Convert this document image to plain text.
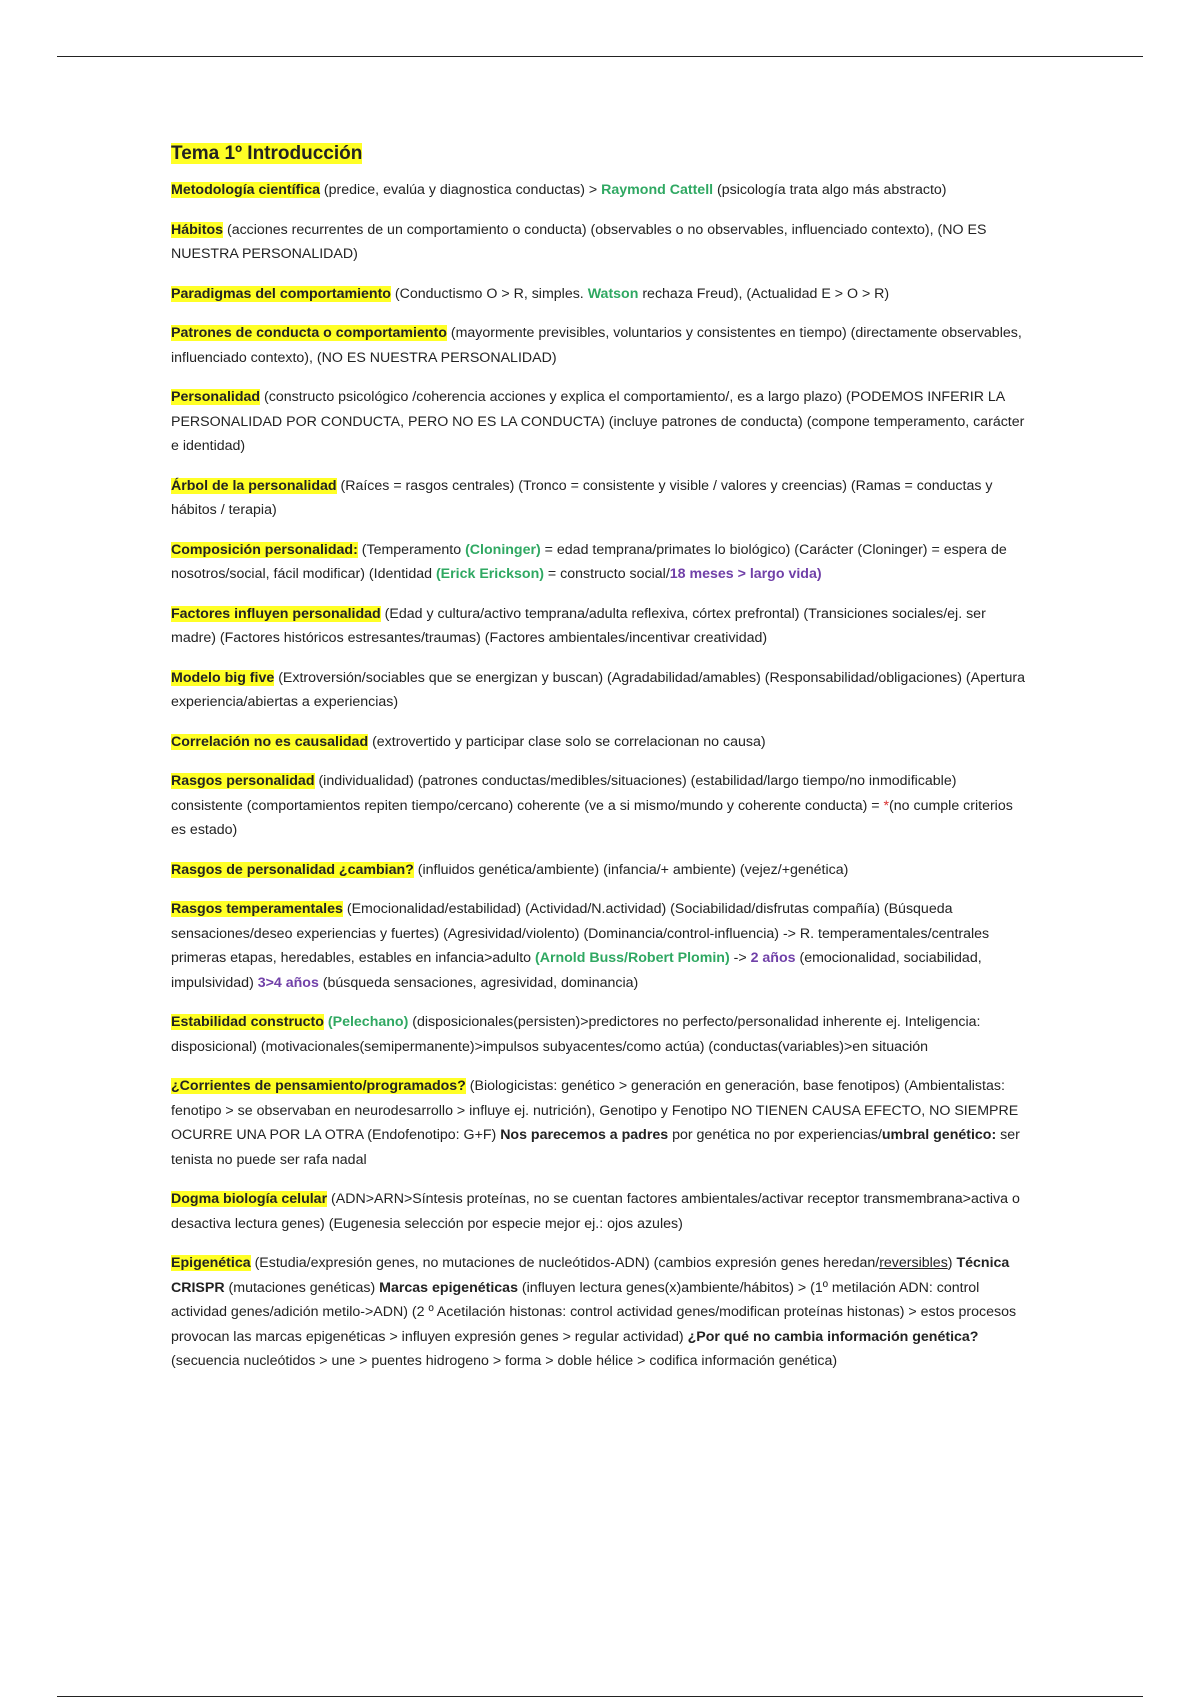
Tema 1º Introducción

Metodología científica (predice, evalúa y diagnostica conductas) > Raymond Cattell (psicología trata algo más abstracto)

Hábitos (acciones recurrentes de un comportamiento o conducta) (observables o no observables, influenciado contexto), (NO ES NUESTRA PERSONALIDAD)

Paradigmas del comportamiento (Conductismo O > R, simples. Watson rechaza Freud), (Actualidad E > O > R)

Patrones de conducta o comportamiento (mayormente previsibles, voluntarios y consistentes en tiempo) (directamente observables, influenciado contexto), (NO ES NUESTRA PERSONALIDAD)

Personalidad (constructo psicológico /coherencia acciones y explica el comportamiento/, es a largo plazo) (PODEMOS INFERIR LA PERSONALIDAD POR CONDUCTA, PERO NO ES LA CONDUCTA) (incluye patrones de conducta) (compone temperamento, carácter e identidad)

Árbol de la personalidad (Raíces = rasgos centrales) (Tronco = consistente y visible / valores y creencias) (Ramas = conductas y hábitos / terapia)

Composición personalidad: (Temperamento (Cloninger) = edad temprana/primates lo biológico) (Carácter (Cloninger) = espera de nosotros/social, fácil modificar) (Identidad (Erick Erickson) = constructo social/18 meses > largo vida)

Factores influyen personalidad (Edad y cultura/activo temprana/adulta reflexiva, córtex prefrontal) (Transiciones sociales/ej. ser madre) (Factores históricos estresantes/traumas) (Factores ambientales/incentivar creatividad)

Modelo big five (Extroversión/sociables que se energizan y buscan) (Agradabilidad/amables) (Responsabilidad/obligaciones) (Apertura experiencia/abiertas a experiencias)

Correlación no es causalidad (extrovertido y participar clase solo se correlacionan no causa)

Rasgos personalidad (individualidad) (patrones conductas/medibles/situaciones) (estabilidad/largo tiempo/no inmodificable) consistente (comportamientos repiten tiempo/cercano) coherente (ve a si mismo/mundo y coherente conducta) = *(no cumple criterios es estado)

Rasgos de personalidad ¿cambian? (influidos genética/ambiente) (infancia/+ ambiente) (vejez/+genética)

Rasgos temperamentales (Emocionalidad/estabilidad) (Actividad/N.actividad) (Sociabilidad/disfrutas compañía) (Búsqueda sensaciones/deseo experiencias y fuertes) (Agresividad/violento) (Dominancia/control-influencia) -> R. temperamentales/centrales primeras etapas, heredables, estables en infancia>adulto (Arnold Buss/Robert Plomin) -> 2 años (emocionalidad, sociabilidad, impulsividad) 3>4 años (búsqueda sensaciones, agresividad, dominancia)

Estabilidad constructo (Pelechano) (disposicionales(persisten)>predictores no perfecto/personalidad inherente ej. Inteligencia: disposicional) (motivacionales(semipermanente)>impulsos subyacentes/como actúa) (conductas(variables)>en situación

¿Corrientes de pensamiento/programados? (Biologicistas: genético > generación en generación, base fenotipos) (Ambientalistas: fenotipo > se observaban en neurodesarrollo > influye ej. nutrición), Genotipo y Fenotipo NO TIENEN CAUSA EFECTO, NO SIEMPRE OCURRE UNA POR LA OTRA (Endofenotipo: G+F) Nos parecemos a padres por genética no por experiencias/umbral genético: ser tenista no puede ser rafa nadal

Dogma biología celular (ADN>ARN>Síntesis proteínas, no se cuentan factores ambientales/activar receptor transmembrana>activa o desactiva lectura genes) (Eugenesia selección por especie mejor ej.: ojos azules)

Epigenética (Estudia/expresión genes, no mutaciones de nucleótidos-ADN) (cambios expresión genes heredan/reversibles) Técnica CRISPR (mutaciones genéticas) Marcas epigenéticas (influyen lectura genes(x)ambiente/hábitos) > (1º metilación ADN: control actividad genes/adición metilo->ADN) (2 º Acetilación histonas: control actividad genes/modifican proteínas histonas) > estos procesos provocan las marcas epigenéticas > influyen expresión genes > regular actividad) ¿Por qué no cambia información genética? (secuencia nucleótidos > une > puentes hidrogeno > forma > doble hélice > codifica información genética)
